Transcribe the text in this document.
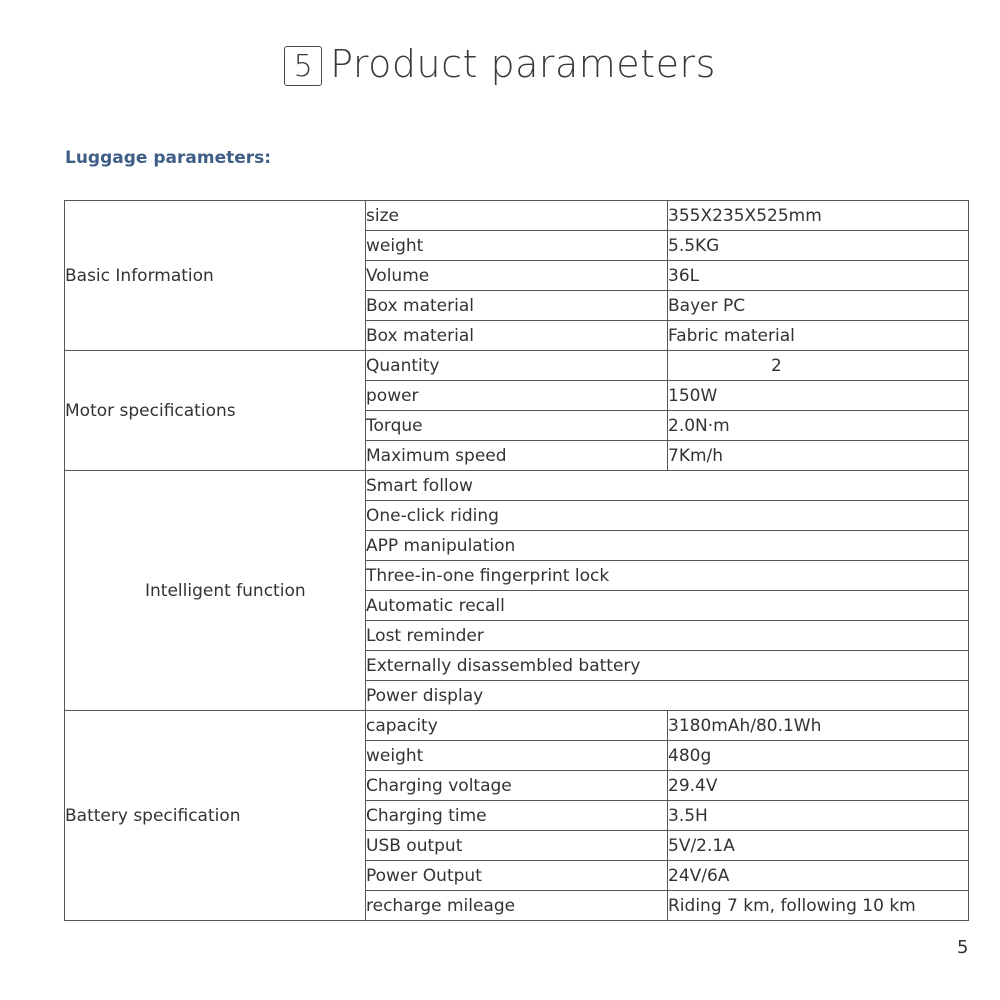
5 Product parameters
Luggage parameters:
Basic Information	size	355X235X525mm
	weight	5.5KG
	Volume	36L
	Box material	Bayer PC
	Box material	Fabric material
Motor specifications	Quantity	2
	power	150W
	Torque	2.0N·m
	Maximum speed	7Km/h
Intelligent function	Smart follow	
	One-click riding	
	APP manipulation	
	Three-in-one fingerprint lock	
	Automatic recall	
	Lost reminder	
	Externally disassembled battery	
	Power display	
Battery specification	capacity	3180mAh/80.1Wh
	weight	480g
	Charging voltage	29.4V
	Charging time	3.5H
	USB output	5V/2.1A
	Power Output	24V/6A
	recharge mileage	Riding 7 km, following 10 km
5
